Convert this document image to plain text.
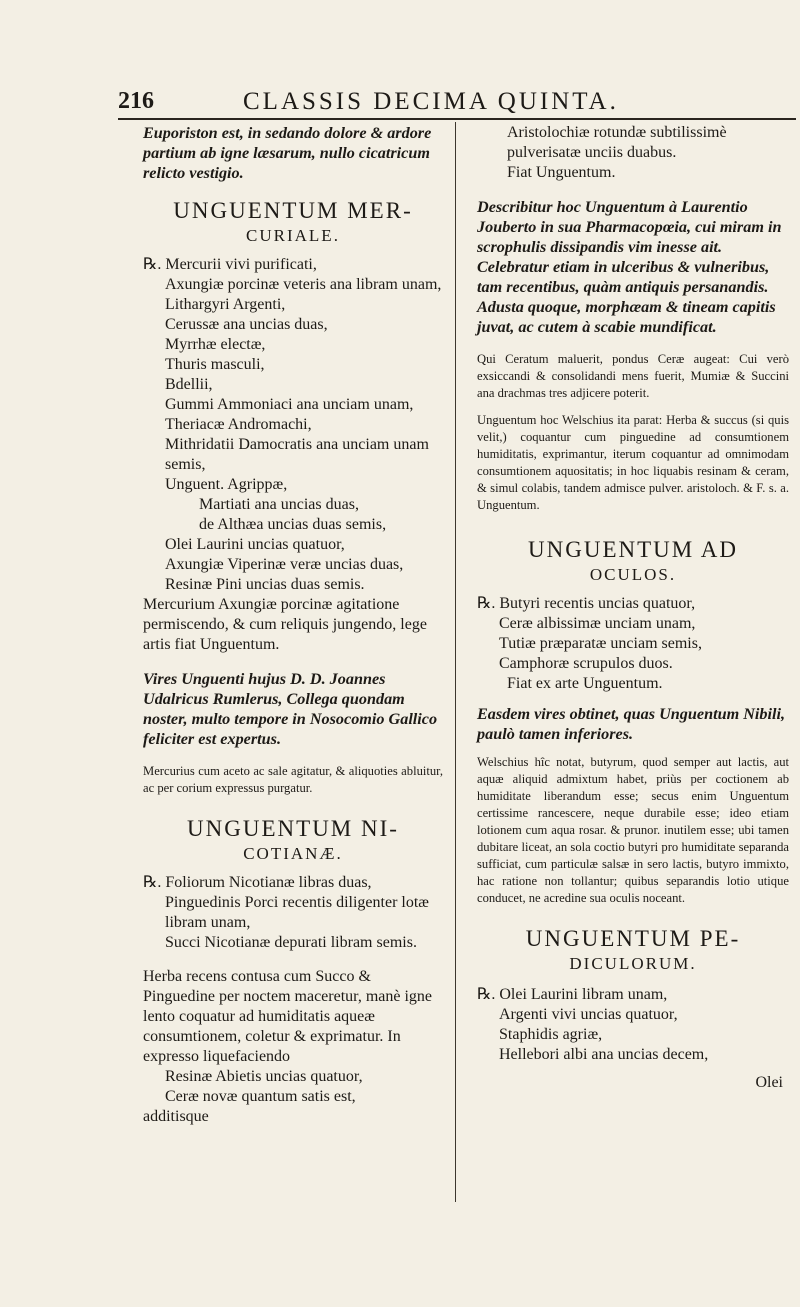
216	CLASSIS DECIMA QUINTA.
Euporiston est, in sedando dolore & ardore partium ab igne læsarum, nullo cicatricum relicto vestigio.
UNGUENTUM MER-
CURIALE.
℞. Mercurii vivi purificati,
Axungiæ porcinæ veteris ana libram unam,
Lithargyri Argenti,
Cerussæ ana uncias duas,
Myrrhæ electæ,
Thuris masculi,
Bdellii,
Gummi Ammoniaci ana unciam unam,
Theriacæ Andromachi,
Mithridatii Damocratis ana unciam unam semis,
Unguent. Agrippæ,
Martiati ana uncias duas,
de Althæa uncias duas semis,
Olei Laurini uncias quatuor,
Axungiæ Viperinæ veræ uncias duas,
Resinæ Pini uncias duas semis.
Mercurium Axungiæ porcinæ agitatione permiscendo, & cum reliquis jungendo, lege artis fiat Unguentum.
Vires Unguenti hujus D. D. Joannes Udalricus Rumlerus, Collega quondam noster, multo tempore in Nosocomio Gallico feliciter est expertus.
Mercurius cum aceto ac sale agitatur, & aliquoties abluitur, ac per corium expressus purgatur.
UNGUENTUM NI-
COTIANÆ.
℞. Foliorum Nicotianæ libras duas,
Pinguedinis Porci recentis diligenter lotæ libram unam,
Succi Nicotianæ depurati libram semis.
Herba recens contusa cum Succo & Pinguedine per noctem maceretur, manè igne lento coquatur ad humiditatis aqueæ consumtionem, coletur & exprimatur. In expresso liquefaciendo
Resinæ Abietis uncias quatuor,
Ceræ novæ quantum satis est,
additisque
Aristolochiæ rotundæ subtilissimè pulverisatæ unciis duabus.
Fiat Unguentum.
Describitur hoc Unguentum à Laurentio Jouberto in sua Pharmacopœia, cui miram in scrophulis dissipandis vim inesse ait. Celebratur etiam in ulceribus & vulneribus, tam recentibus, quàm antiquis persanandis. Adusta quoque, morphæam & tineam capitis juvat, ac cutem à scabie mundificat.
Qui Ceratum maluerit, pondus Ceræ augeat: Cui verò exsiccandi & consolidandi mens fuerit, Mumiæ & Succini ana drachmas tres adjicere poterit.
Unguentum hoc Welschius ita parat: Herba & succus (si quis velit,) coquantur cum pinguedine ad consumtionem humiditatis, exprimantur, iterum coquantur ad omnimodam consumtionem aquositatis; in hoc liquabis resinam & ceram, & simul colabis, tandem admisce pulver. aristoloch. & F. s. a. Unguentum.
UNGUENTUM AD
OCULOS.
℞. Butyri recentis uncias quatuor,
Ceræ albissimæ unciam unam,
Tutiæ præparatæ unciam semis,
Camphoræ scrupulos duos.
Fiat ex arte Unguentum.
Easdem vires obtinet, quas Unguentum Nibili, paulò tamen inferiores.
Welschius hîc notat, butyrum, quod semper aut lactis, aut aquæ aliquid admixtum habet, priùs per coctionem ab humiditate liberandum esse; secus enim Unguentum certissime rancescere, neque durabile esse; ideo etiam lotionem cum aqua rosar. & prunor. inutilem esse; ubi tamen dubitare liceat, an sola coctio butyri pro humiditate separanda sufficiat, cum particulæ salsæ in sero lactis, butyro immixto, hac ratione non tollantur; quibus separandis lotio utique conducet, ne acredine sua oculis noceant.
UNGUENTUM PE-
DICULORUM.
℞. Olei Laurini libram unam,
Argenti vivi uncias quatuor,
Staphidis agriæ,
Hellebori albi ana uncias decem,
Olei
